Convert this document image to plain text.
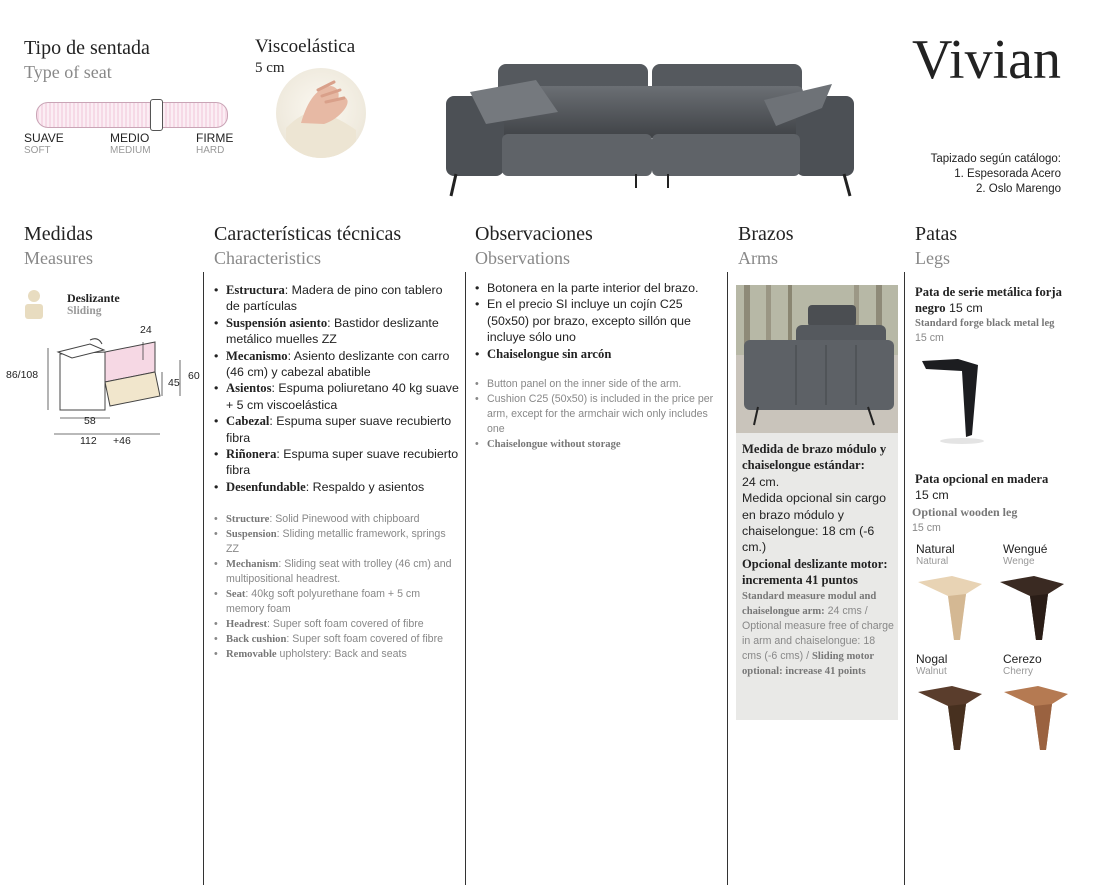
Tipo de sentada
Type of seat
SUAVE
SOFT
MEDIO
MEDIUM
FIRME
HARD
Viscoelástica
5 cm	Vivian
Tapizado según catálogo:
1. Espesorada Acero
2. Oslo Marengo
Medidas
Measures
Deslizante
Sliding
24
86/108
45
60
58
112 +46
Características técnicas
Characteristics
• Estructura: Madera de pino con tablero de partículas
• Suspensión asiento: Bastidor deslizante metálico muelles ZZ
• Mecanismo: Asiento deslizante con carro (46 cm) y cabezal abatible
• Asientos: Espuma poliuretano 40 kg suave + 5 cm viscoelástica
• Cabezal: Espuma super suave recubierto fibra
• Riñonera: Espuma super suave recubierto fibra
• Desenfundable: Respaldo y asientos
• Structure: Solid Pinewood with chipboard
• Suspension: Sliding metallic framework, springs ZZ
• Mechanism: Sliding seat with trolley (46 cm) and multipositional headrest.
• Seat: 40kg soft polyurethane foam + 5 cm memory foam
• Headrest: Super soft foam covered of fibre
• Back cushion: Super soft foam covered of fibre
• Removable upholstery: Back and seats
Observaciones
Observations
• Botonera en la parte interior del brazo.
• En el precio SI incluye un cojín C25 (50x50) por brazo, excepto sillón que incluye sólo uno
• Chaiselongue sin arcón
• Button panel on the inner side of the arm.
• Cushion C25 (50x50) is included in the price per arm, except for the armchair wich only includes one
• Chaiselongue without storage
Brazos
Arms
Medida de brazo módulo y chaiselongue estándar:
24 cm.
Medida opcional sin cargo en brazo módulo y chaiselongue: 18 cm (-6 cm.)
Opcional deslizante motor: incrementa 41 puntos
Standard measure modul and chaiselongue arm: 24 cms / Optional measure free of charge in arm and chaiselongue: 18 cms (-6 cms) / Sliding motor optional: increase 41 points
Patas
Legs
Pata de serie metálica forja negro 15 cm
Standard forge black metal leg
15 cm
Pata opcional en madera
15 cm
Optional wooden leg
15 cm
Natural
Natural
Wengué
Wenge
Nogal
Walnut
Cerezo
Cherry
